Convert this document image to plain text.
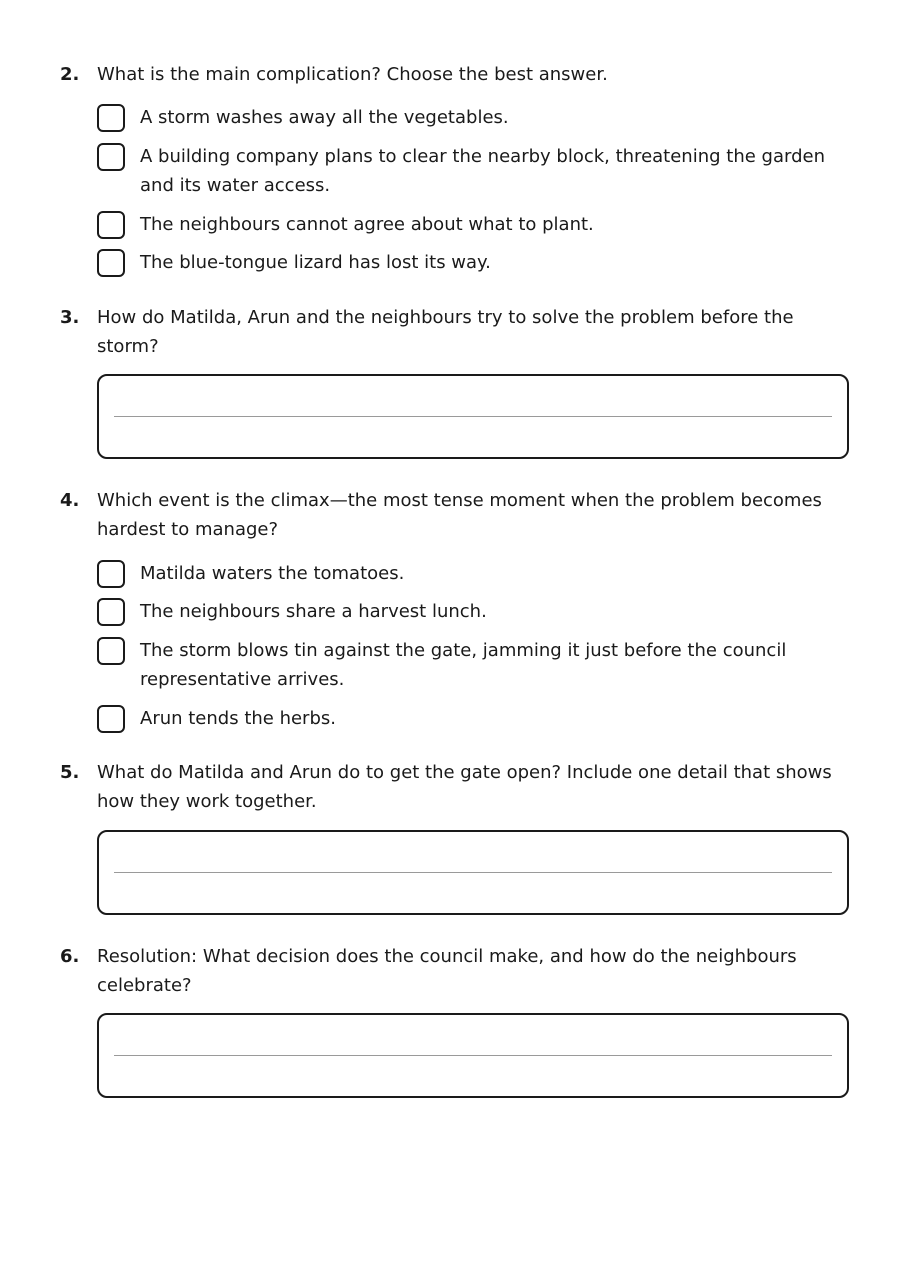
2. What is the main complication? Choose the best answer.
A storm washes away all the vegetables.
A building company plans to clear the nearby block, threatening the garden and its water access.
The neighbours cannot agree about what to plant.
The blue-tongue lizard has lost its way.
3. How do Matilda, Arun and the neighbours try to solve the problem before the storm?
4. Which event is the climax—the most tense moment when the problem becomes hardest to manage?
Matilda waters the tomatoes.
The neighbours share a harvest lunch.
The storm blows tin against the gate, jamming it just before the council representative arrives.
Arun tends the herbs.
5. What do Matilda and Arun do to get the gate open? Include one detail that shows how they work together.
6. Resolution: What decision does the council make, and how do the neighbours celebrate?
